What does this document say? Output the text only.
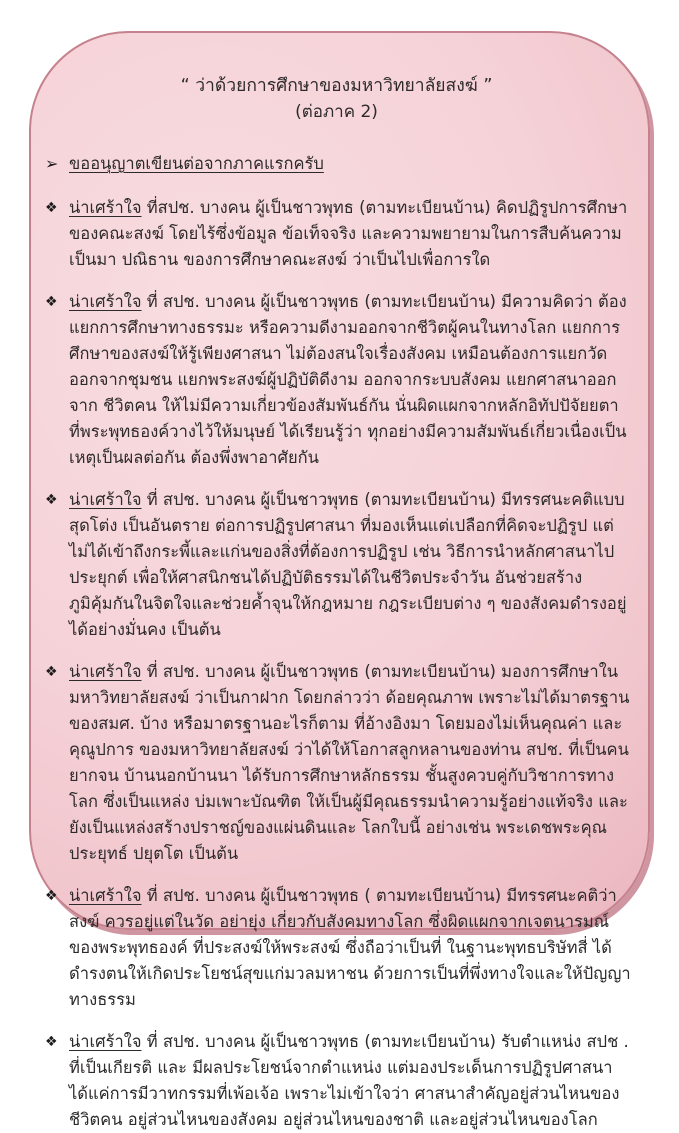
“ ว่าด้วยการศึกษาของมหาวิทยาลัยสงฆ์ ”
(ต่อภาค 2)
➢ ขออนุญาตเขียนต่อจากภาคแรกครับ

❖ น่าเศร้าใจ ที่สปช. บางคน ผู้เป็นชาวพุทธ (ตามทะเบียนบ้าน) คิดปฏิรูปการศึกษาของคณะสงฆ์ โดยไร้ซึ่งข้อมูล ข้อเท็จจริง และความพยายามในการสืบค้นความเป็นมา ปณิธาน ของการศึกษาคณะสงฆ์ ว่าเป็นไปเพื่อการใด

❖ น่าเศร้าใจ ที่ สปช. บางคน ผู้เป็นชาวพุทธ (ตามทะเบียนบ้าน) มีความคิดว่า ต้องแยกการศึกษาทางธรรมะ หรือความดีงามออกจากชีวิตผู้คนในทางโลก แยกการศึกษาของสงฆ์ให้รู้เพียงศาสนา ไม่ต้องสนใจเรื่องสังคม เหมือนต้องการแยกวัดออกจากชุมชน แยกพระสงฆ์ผู้ปฏิบัติดีงาม ออกจากระบบสังคม แยกศาสนาออกจาก ชีวิตคน ให้ไม่มีความเกี่ยวข้องสัมพันธ์กัน นั่นผิดแผกจากหลักอิทัปปัจัยยตา ที่พระพุทธองค์วางไว้ให้มนุษย์ ได้เรียนรู้ว่า ทุกอย่างมีความสัมพันธ์เกี่ยวเนื่องเป็นเหตุเป็นผลต่อกัน ต้องพึ่งพาอาศัยกัน

❖ น่าเศร้าใจ ที่ สปช. บางคน ผู้เป็นชาวพุทธ (ตามทะเบียนบ้าน) มีทรรศนะคติแบบสุดโต่ง เป็นอันตราย ต่อการปฏิรูปศาสนา ที่มองเห็นแต่เปลือกที่คิดจะปฏิรูป แต่ไม่ได้เข้าถึงกระพี้และแก่นของสิ่งที่ต้องการปฏิรูป เช่น วิธีการนำหลักศาสนาไปประยุกต์ เพื่อให้ศาสนิกชนได้ปฏิบัติธรรมได้ในชีวิตประจำวัน อันช่วยสร้าง ภูมิคุ้มกันในจิตใจและช่วยค้ำจุนให้กฎหมาย กฎระเบียบต่าง ๆ ของสังคมดำรงอยู่ได้อย่างมั่นคง เป็นต้น

❖ น่าเศร้าใจ ที่ สปช. บางคน ผู้เป็นชาวพุทธ (ตามทะเบียนบ้าน) มองการศึกษาในมหาวิทยาลัยสงฆ์ ว่าเป็นกาฝาก โดยกล่าวว่า ด้อยคุณภาพ เพราะไม่ได้มาตรฐานของสมศ. บ้าง หรือมาตรฐานอะไรก็ตาม ที่อ้างอิงมา โดยมองไม่เห็นคุณค่า และคุณูปการ ของมหาวิทยาลัยสงฆ์ ว่าได้ให้โอกาสลูกหลานของท่าน สปช. ที่เป็นคนยากจน บ้านนอกบ้านนา ได้รับการศึกษาหลักธรรม ชั้นสูงควบคู่กับวิชาการทางโลก ซึ่งเป็นแหล่ง บ่มเพาะบัณฑิต ให้เป็นผู้มีคุณธรรมนำความรู้อย่างแท้จริง และยังเป็นแหล่งสร้างปราชญ์ของแผ่นดินและ โลกใบนี้ อย่างเช่น พระเดชพระคุณ ประยุทธ์ ปยุตโต เป็นต้น

❖ น่าเศร้าใจ ที่ สปช. บางคน ผู้เป็นชาวพุทธ ( ตามทะเบียนบ้าน) มีทรรศนะคติว่า สงฆ์ ควรอยู่แต่ในวัด อย่ายุ่ง เกี่ยวกับสังคมทางโลก ซึ่งผิดแผกจากเจตนารมณ์ของพระพุทธองค์ ที่ประสงฆ์ให้พระสงฆ์ ซึ่งถือว่าเป็นที่ ในฐานะพุทธบริษัทสี่ ได้ดำรงตนให้เกิดประโยชน์สุขแก่มวลมหาชน ด้วยการเป็นที่พึ่งทางใจและให้ปัญญา ทางธรรม

❖ น่าเศร้าใจ ที่ สปช. บางคน ผู้เป็นชาวพุทธ (ตามทะเบียนบ้าน) รับตำแหน่ง สปช . ที่เป็นเกียรติ และ มีผลประโยชน์จากตำแหน่ง แต่มองประเด็นการปฏิรูปศาสนา ได้แค่การมีวาทกรรมที่เพ้อเจ้อ เพราะไม่เข้าใจว่า ศาสนาสำคัญอยู่ส่วนไหนของชีวิตคน อยู่ส่วนไหนของสังคม อยู่ส่วนไหนของชาติ และอยู่ส่วนไหนของโลก
